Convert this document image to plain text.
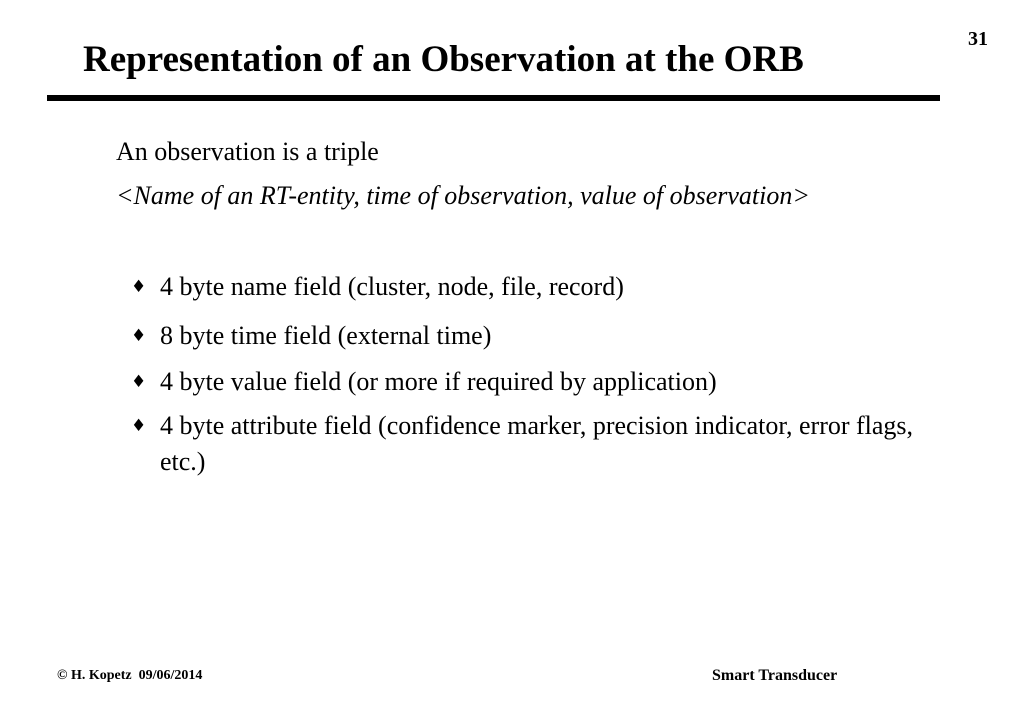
31
Representation of an Observation at the ORB
An observation is a triple
<Name of an RT-entity, time of observation, value of observation>
♦ 4 byte name field (cluster, node, file, record)
♦ 8 byte time field (external time)
♦ 4 byte value field (or more if required by application)
♦ 4 byte attribute field (confidence marker, precision indicator, error flags, etc.)
© H. Kopetz  09/06/2014	Smart Transducer
